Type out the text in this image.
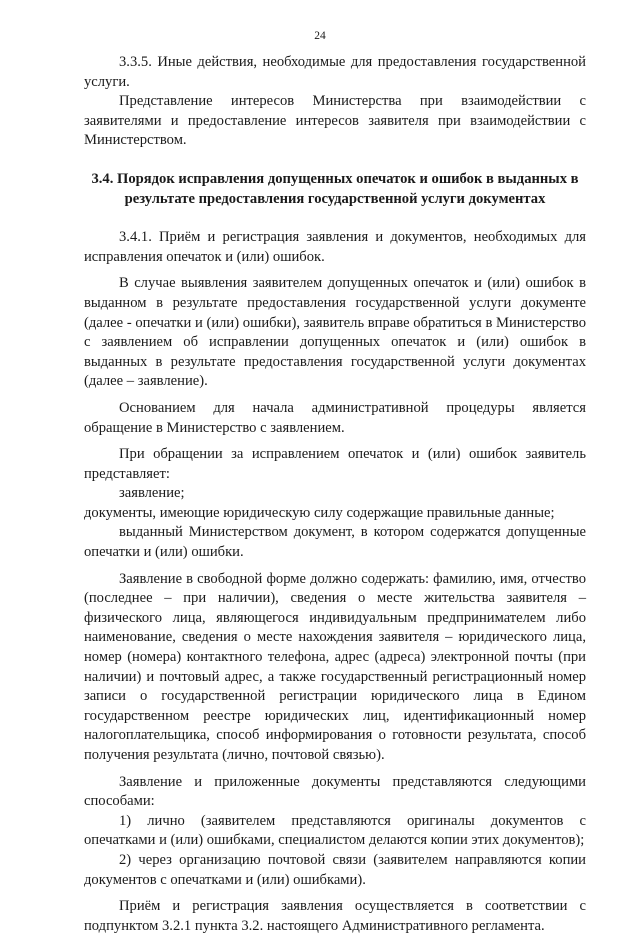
24

3.3.5. Иные действия, необходимые для предоставления государственной услуги.

Представление интересов Министерства при взаимодействии с заявителями и предоставление интересов заявителя при взаимодействии с Министерством.

3.4. Порядок исправления допущенных опечаток и ошибок в выданных в результате предоставления государственной услуги документах

3.4.1. Приём и регистрация заявления и документов, необходимых для исправления опечаток и (или) ошибок.

В случае выявления заявителем допущенных опечаток и (или) ошибок в выданном в результате предоставления государственной услуги документе (далее - опечатки и (или) ошибки), заявитель вправе обратиться в Министерство с заявлением об исправлении допущенных опечаток и (или) ошибок в выданных в результате предоставления государственной услуги документах (далее – заявление).

Основанием для начала административной процедуры является обращение в Министерство с заявлением.

При обращении за исправлением опечаток и (или) ошибок заявитель представляет:

заявление;

документы, имеющие юридическую силу содержащие правильные данные;

выданный Министерством документ, в котором содержатся допущенные опечатки и (или) ошибки.

Заявление в свободной форме должно содержать: фамилию, имя, отчество (последнее – при наличии), сведения о месте жительства заявителя – физического лица, являющегося индивидуальным предпринимателем либо наименование, сведения о месте нахождения заявителя – юридического лица, номер (номера) контактного телефона, адрес (адреса) электронной почты (при наличии) и почтовый адрес, а также государственный регистрационный номер записи о государственной регистрации юридического лица в Едином государственном реестре юридических лиц, идентификационный номер налогоплательщика, способ информирования о готовности результата, способ получения результата (лично, почтовой связью).

Заявление и приложенные документы представляются следующими способами:

1) лично (заявителем представляются оригиналы документов с опечатками и (или) ошибками, специалистом делаются копии этих документов);

2) через организацию почтовой связи (заявителем направляются копии документов с опечатками и (или) ошибками).

Приём и регистрация заявления осуществляется в соответствии с подпунктом 3.2.1 пункта 3.2. настоящего Административного регламента.
